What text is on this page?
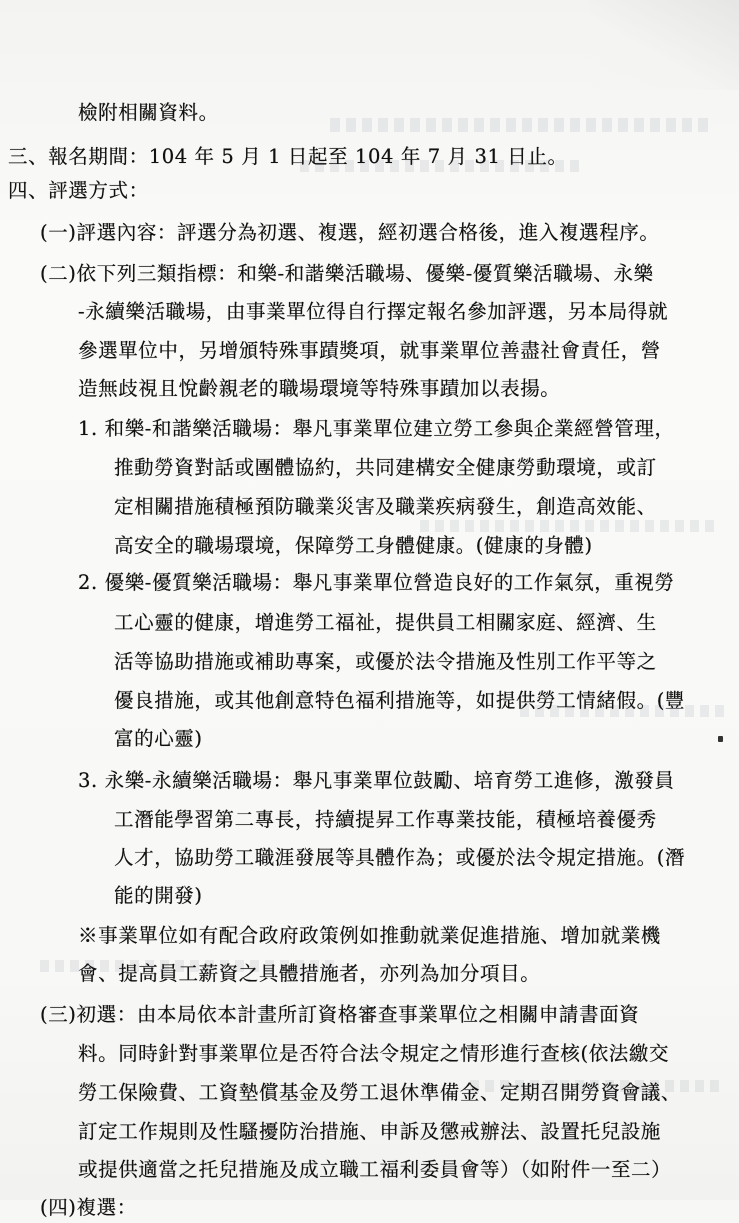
檢附相關資料。
三、報名期間：104 年 5 月 1 日起至 104 年 7 月 31 日止。
四、評選方式：
(一)評選內容：評選分為初選、複選，經初選合格後，進入複選程序。
(二)依下列三類指標：和樂-和諧樂活職場、優樂-優質樂活職場、永樂
-永續樂活職場，由事業單位得自行擇定報名參加評選，另本局得就
參選單位中，另增頒特殊事蹟獎項，就事業單位善盡社會責任，營
造無歧視且悅齡親老的職場環境等特殊事蹟加以表揚。
1. 和樂-和諧樂活職場：舉凡事業單位建立勞工參與企業經營管理，
推動勞資對話或團體協約，共同建構安全健康勞動環境，或訂
定相關措施積極預防職業災害及職業疾病發生，創造高效能、
高安全的職場環境，保障勞工身體健康。(健康的身體)
2. 優樂-優質樂活職場：舉凡事業單位營造良好的工作氣氛，重視勞
工心靈的健康，增進勞工福祉，提供員工相關家庭、經濟、生
活等協助措施或補助專案，或優於法令措施及性別工作平等之
優良措施，或其他創意特色福利措施等，如提供勞工情緒假。(豐
富的心靈)
3. 永樂-永續樂活職場：舉凡事業單位鼓勵、培育勞工進修，激發員
工潛能學習第二專長，持續提昇工作專業技能，積極培養優秀
人才，協助勞工職涯發展等具體作為；或優於法令規定措施。(潛
能的開發)
※事業單位如有配合政府政策例如推動就業促進措施、增加就業機
會、提高員工薪資之具體措施者，亦列為加分項目。
(三)初選：由本局依本計畫所訂資格審查事業單位之相關申請書面資
料。同時針對事業單位是否符合法令規定之情形進行查核(依法繳交
勞工保險費、工資墊償基金及勞工退休準備金、定期召開勞資會議、
訂定工作規則及性騷擾防治措施、申訴及懲戒辦法、設置托兒設施
或提供適當之托兒措施及成立職工福利委員會等）（如附件一至二）
(四)複選：
